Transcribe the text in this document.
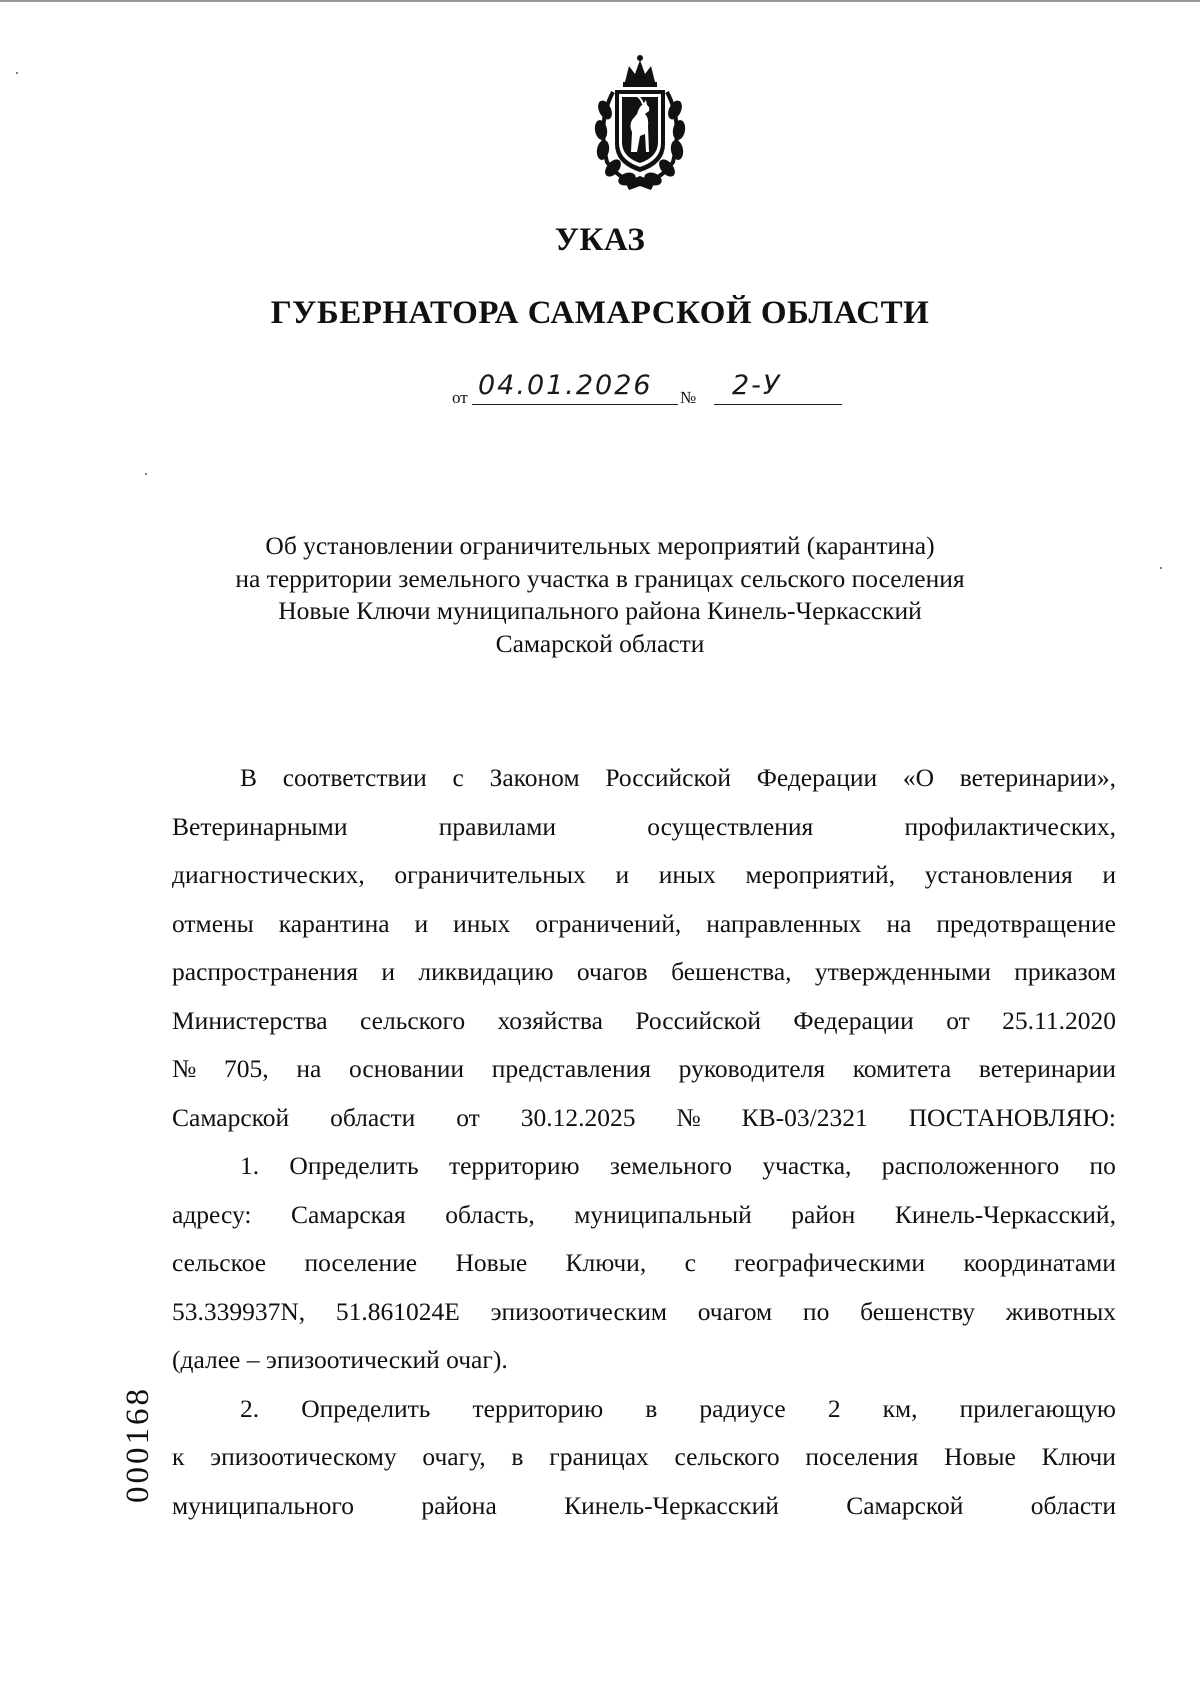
УКАЗ
ГУБЕРНАТОРА САМАРСКОЙ ОБЛАСТИ
от 04.01.2026	№	2-У
Об установлении ограничительных мероприятий (карантина)
на территории земельного участка в границах сельского поселения
Новые Ключи муниципального района Кинель-Черкасский
Самарской области
В соответствии с Законом Российской Федерации «О ветеринарии»,
Ветеринарными	правилами	осуществления	профилактических,
диагностических, ограничительных и иных мероприятий, установления и
отмены карантина и иных ограничений, направленных на предотвращение
распространения и ликвидацию очагов бешенства, утвержденными приказом
Министерства сельского хозяйства Российской Федерации от 25.11.2020
№ 705, на основании представления руководителя комитета ветеринарии
Самарской области от 30.12.2025 № КВ-03/2321 ПОСТАНОВЛЯЮ:
1. Определить территорию земельного участка, расположенного по
адресу: Самарская область, муниципальный район Кинель-Черкасский,
сельское поселение Новые Ключи, с географическими координатами
53.339937N, 51.861024E эпизоотическим очагом по бешенству животных
(далее – эпизоотический очаг).
2. Определить территорию в радиусе 2 км, прилегающую
к эпизоотическому очагу, в границах сельского поселения Новые Ключи
муниципального	района	Кинель-Черкасский	Самарской	области
000168
